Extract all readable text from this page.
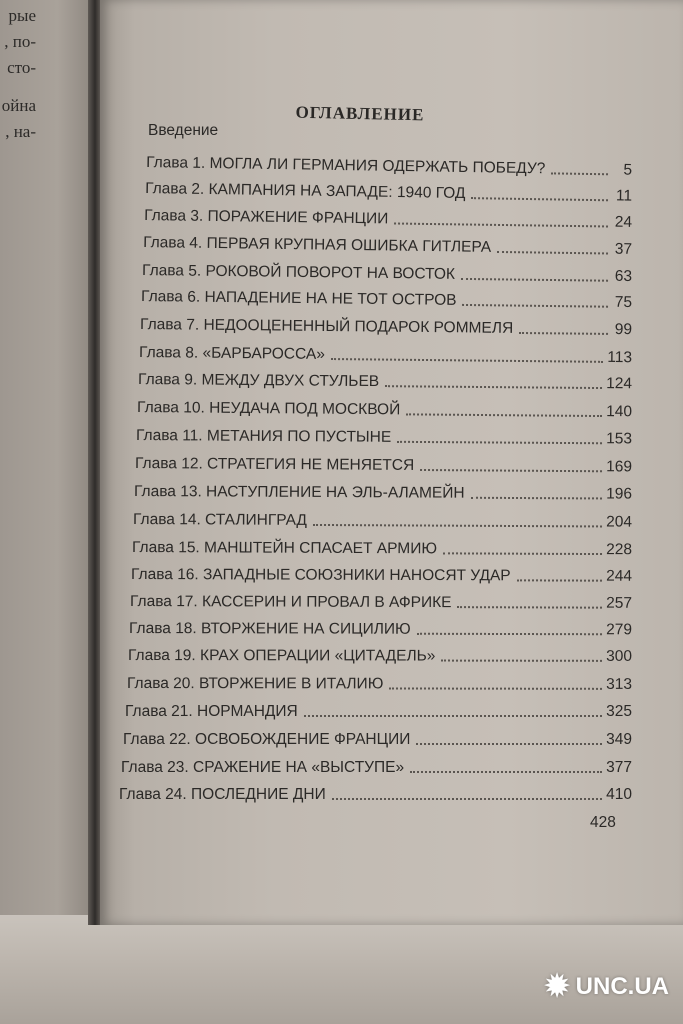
рые
, по-
сто-
ойна
, на-
ОГЛАВЛЕНИЕ
Введение
Глава 1. МОГЛА ЛИ ГЕРМАНИЯ ОДЕРЖАТЬ ПОБЕДУ?	5
Глава 2. КАМПАНИЯ НА ЗАПАДЕ: 1940 ГОД	11
Глава 3. ПОРАЖЕНИЕ ФРАНЦИИ	24
Глава 4. ПЕРВАЯ КРУПНАЯ ОШИБКА ГИТЛЕРА	37
Глава 5. РОКОВОЙ ПОВОРОТ НА ВОСТОК	63
Глава 6. НАПАДЕНИЕ НА НЕ ТОТ ОСТРОВ	75
Глава 7. НЕДООЦЕНЕННЫЙ ПОДАРОК РОММЕЛЯ	99
Глава 8. «БАРБАРОССА»	113
Глава 9. МЕЖДУ ДВУХ СТУЛЬЕВ	124
Глава 10. НЕУДАЧА ПОД МОСКВОЙ	140
Глава 11. МЕТАНИЯ ПО ПУСТЫНЕ	153
Глава 12. СТРАТЕГИЯ НЕ МЕНЯЕТСЯ	169
Глава 13. НАСТУПЛЕНИЕ НА ЭЛЬ-АЛАМЕЙН	196
Глава 14. СТАЛИНГРАД	204
Глава 15. МАНШТЕЙН СПАСАЕТ АРМИЮ	228
Глава 16. ЗАПАДНЫЕ СОЮЗНИКИ НАНОСЯТ УДАР	244
Глава 17. КАССЕРИН И ПРОВАЛ В АФРИКЕ	257
Глава 18. ВТОРЖЕНИЕ НА СИЦИЛИЮ	279
Глава 19. КРАХ ОПЕРАЦИИ «ЦИТАДЕЛЬ»	300
Глава 20. ВТОРЖЕНИЕ В ИТАЛИЮ	313
Глава 21. НОРМАНДИЯ	325
Глава 22. ОСВОБОЖДЕНИЕ ФРАНЦИИ	349
Глава 23. СРАЖЕНИЕ НА «ВЫСТУПЕ»	377
Глава 24. ПОСЛЕДНИЕ ДНИ	410
428
✹ UNC.UA
